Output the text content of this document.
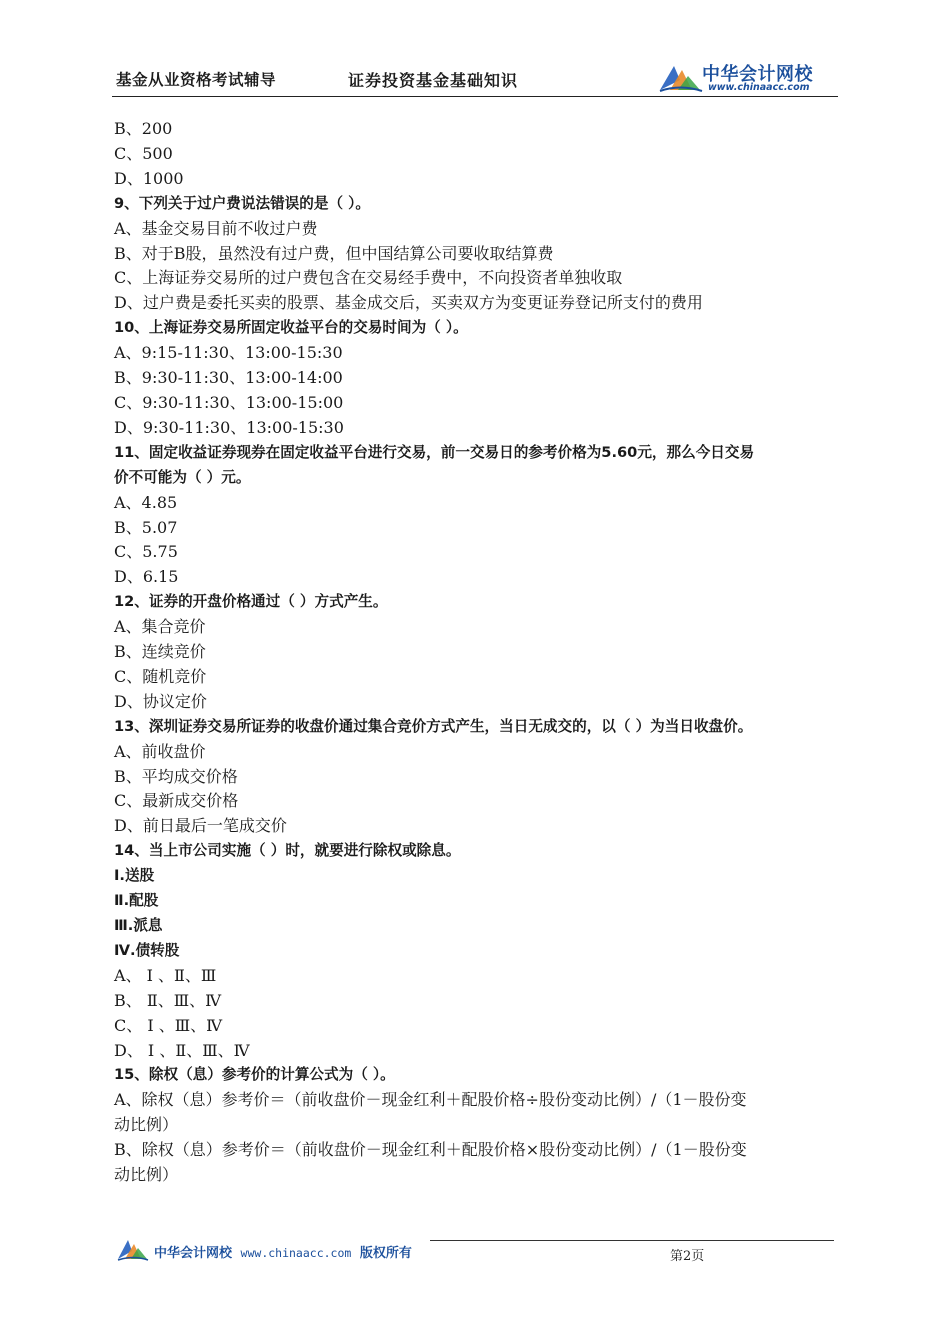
基金从业资格考试辅导	证券投资基金基础知识	中华会计网校
www.chinaacc.com
B、200
C、500
D、1000
9、下列关于过户费说法错误的是（ ）。
A、基金交易目前不收过户费
B、对于B股，虽然没有过户费，但中国结算公司要收取结算费
C、上海证券交易所的过户费包含在交易经手费中，不向投资者单独收取
D、过户费是委托买卖的股票、基金成交后，买卖双方为变更证券登记所支付的费用
10、上海证券交易所固定收益平台的交易时间为（ ）。
A、9:15-11:30、13:00-15:30
B、9:30-11:30、13:00-14:00
C、9:30-11:30、13:00-15:00
D、9:30-11:30、13:00-15:30
11、固定收益证券现券在固定收益平台进行交易，前一交易日的参考价格为5.60元，那么今日交易
价不可能为（ ）元。
A、4.85
B、5.07
C、5.75
D、6.15
12、证券的开盘价格通过（ ）方式产生。
A、集合竞价
B、连续竞价
C、随机竞价
D、协议定价
13、深圳证券交易所证券的收盘价通过集合竞价方式产生，当日无成交的，以（ ）为当日收盘价。
A、前收盘价
B、平均成交价格
C、最新成交价格
D、前日最后一笔成交价
14、当上市公司实施（ ）时，就要进行除权或除息。
Ⅰ.送股
Ⅱ.配股
Ⅲ.派息
Ⅳ.债转股
A、 Ⅰ 、Ⅱ、Ⅲ
B、 Ⅱ、Ⅲ、Ⅳ
C、 Ⅰ 、Ⅲ、Ⅳ
D、 Ⅰ 、Ⅱ、Ⅲ、Ⅳ
15、除权（息）参考价的计算公式为（ ）。
A、除权（息）参考价＝（前收盘价－现金红利＋配股价格÷股份变动比例）/（1－股份变
动比例）
B、除权（息）参考价＝（前收盘价－现金红利＋配股价格×股份变动比例）/（1－股份变
动比例）
中华会计网校 www.chinaacc.com 版权所有	第2页
